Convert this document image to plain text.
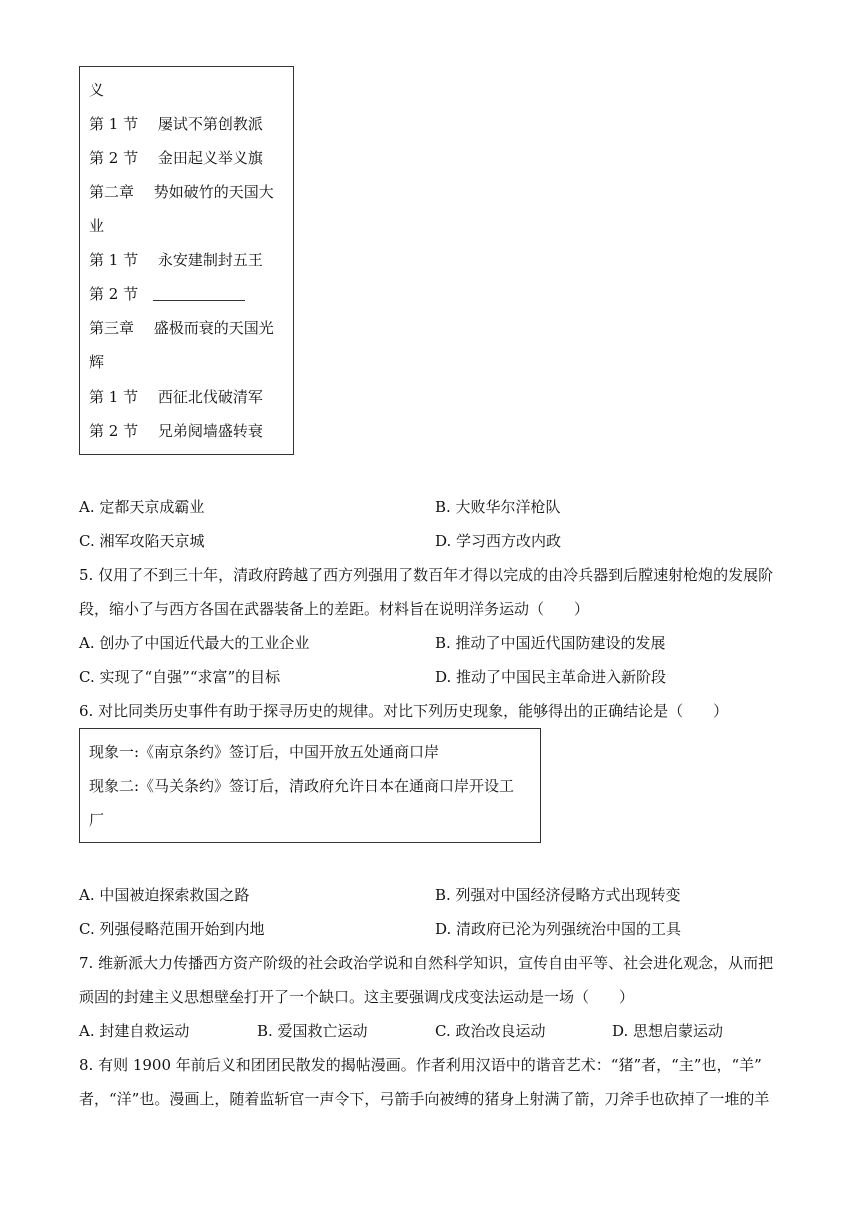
义
第 1 节　 屡试不第创教派
第 2 节　 金田起义举义旗
第二章　 势如破竹的天国大
业
第 1 节　 永安建制封五王
第 2 节　
第三章　 盛极而衰的天国光
辉
第 1 节　 西征北伐破清军
第 2 节　 兄弟阋墙盛转衰
A. 定都天京成霸业	B. 大败华尔洋枪队
C. 湘军攻陷天京城	D. 学习西方改内政
5. 仅用了不到三十年，清政府跨越了西方列强用了数百年才得以完成的由冷兵器到后膛速射枪炮的发展阶
段，缩小了与西方各国在武器装备上的差距。材料旨在说明洋务运动（　　）
A. 创办了中国近代最大的工业企业	B. 推动了中国近代国防建设的发展
C. 实现了“自强”“求富”的目标	D. 推动了中国民主革命进入新阶段
6. 对比同类历史事件有助于探寻历史的规律。对比下列历史现象，能够得出的正确结论是（　　）
现象一:《南京条约》签订后，中国开放五处通商口岸
现象二:《马关条约》签订后，清政府允许日本在通商口岸开设工
厂
A. 中国被迫探索救国之路	B. 列强对中国经济侵略方式出现转变
C. 列强侵略范围开始到内地	D. 清政府已沦为列强统治中国的工具
7. 维新派大力传播西方资产阶级的社会政治学说和自然科学知识，宣传自由平等、社会进化观念，从而把
顽固的封建主义思想壁垒打开了一个缺口。这主要强调戊戌变法运动是一场（　　）
A. 封建自救运动	B. 爱国救亡运动	C. 政治改良运动	D. 思想启蒙运动
8. 有则 1900 年前后义和团团民散发的揭帖漫画。作者利用汉语中的谐音艺术：“猪”者，“主”也，“羊”
者，“洋”也。漫画上，随着监斩官一声令下，弓箭手向被缚的猪身上射满了箭，刀斧手也砍掉了一堆的羊
